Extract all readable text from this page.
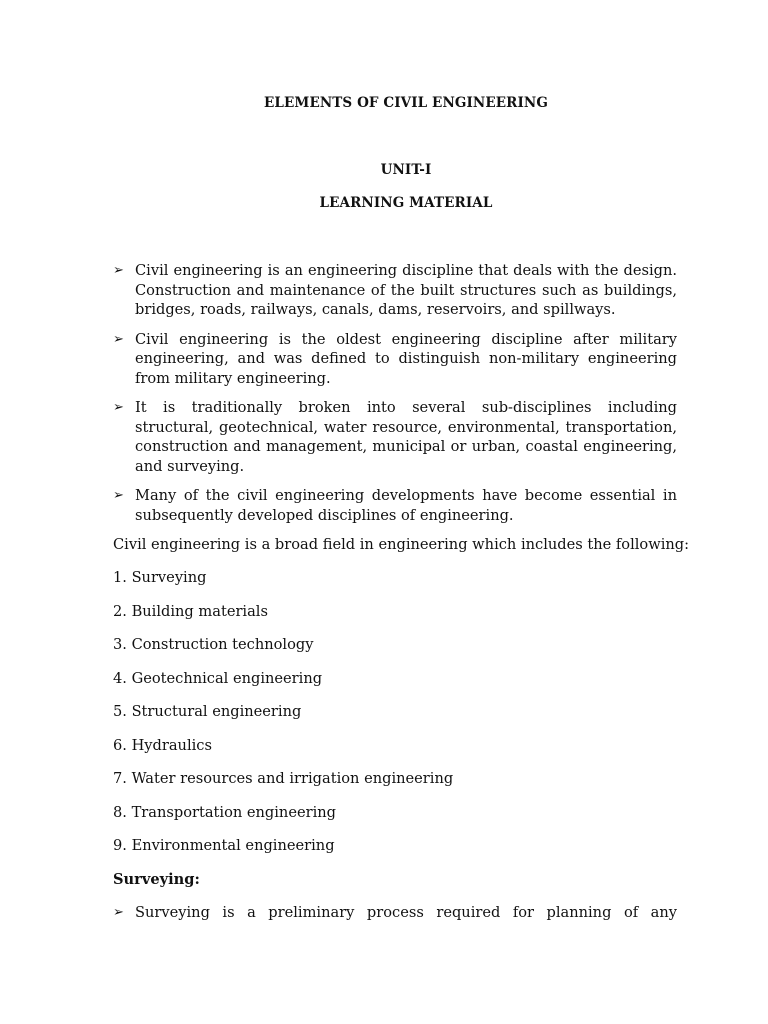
ELEMENTS OF CIVIL ENGINEERING
UNIT-I
LEARNING MATERIAL
➢ Civil engineering is an engineering discipline that deals with the design. Construction and maintenance of the built structures such as buildings, bridges, roads, railways, canals, dams, reservoirs, and spillways.
➢ Civil engineering is the oldest engineering discipline after military engineering, and was defined to distinguish non-military engineering from military engineering.
➢ It is traditionally broken into several sub-disciplines including structural, geotechnical, water resource, environmental, transportation, construction and management, municipal or urban, coastal engineering, and surveying.
➢ Many of the civil engineering developments have become essential in subsequently developed disciplines of engineering.
Civil engineering is a broad field in engineering which includes the following:
1. Surveying
2. Building materials
3. Construction technology
4. Geotechnical engineering
5. Structural engineering
6. Hydraulics
7. Water resources and irrigation engineering
8. Transportation engineering
9. Environmental engineering
Surveying:
➢ Surveying is a preliminary process required for planning of any
